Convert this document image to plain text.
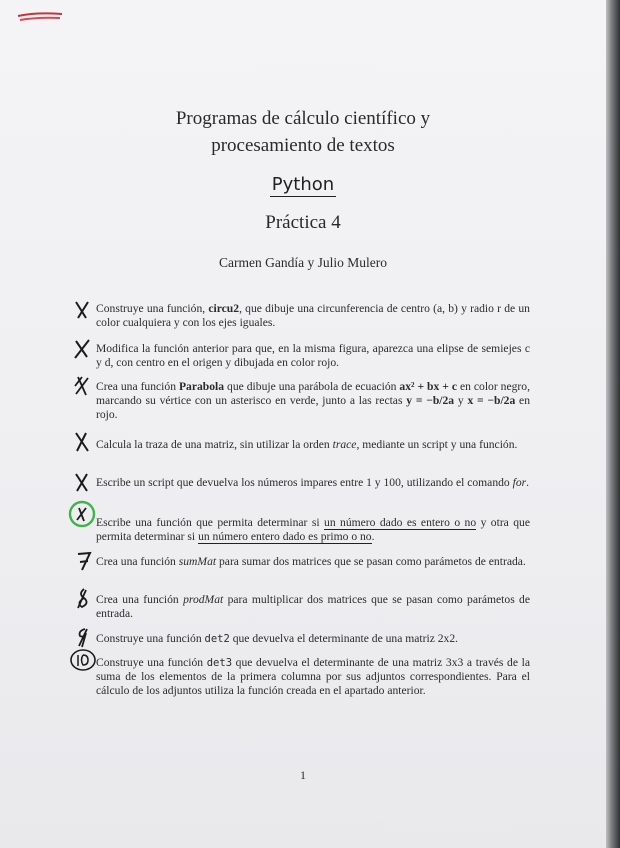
Programas de cálculo científico y
procesamiento de textos
Python
Práctica 4
Carmen Gandía y Julio Mulero
Construye una función, circu2, que dibuje una circunferencia de centro (a, b) y radio r de un color cualquiera y con los ejes iguales.
Modifica la función anterior para que, en la misma figura, aparezca una elipse de semiejes c y d, con centro en el origen y dibujada en color rojo.
Crea una función Parabola que dibuje una parábola de ecuación ax² + bx + c en color negro, marcando su vértice con un asterisco en verde, junto a las rectas y = −b/2a y x = −b/2a en rojo.
Calcula la traza de una matriz, sin utilizar la orden trace, mediante un script y una función.
Escribe un script que devuelva los números impares entre 1 y 100, utilizando el comando for.
Escribe una función que permita determinar si un número dado es entero o no y otra que permita determinar si un número entero dado es primo o no.
Crea una función sumMat para sumar dos matrices que se pasan como parámetos de entrada.
Crea una función prodMat para multiplicar dos matrices que se pasan como parámetos de entrada.
Construye una función det2 que devuelva el determinante de una matriz 2x2.
Construye una función det3 que devuelva el determinante de una matriz 3x3 a través de la suma de los elementos de la primera columna por sus adjuntos correspondientes. Para el cálculo de los adjuntos utiliza la función creada en el apartado anterior.
1
